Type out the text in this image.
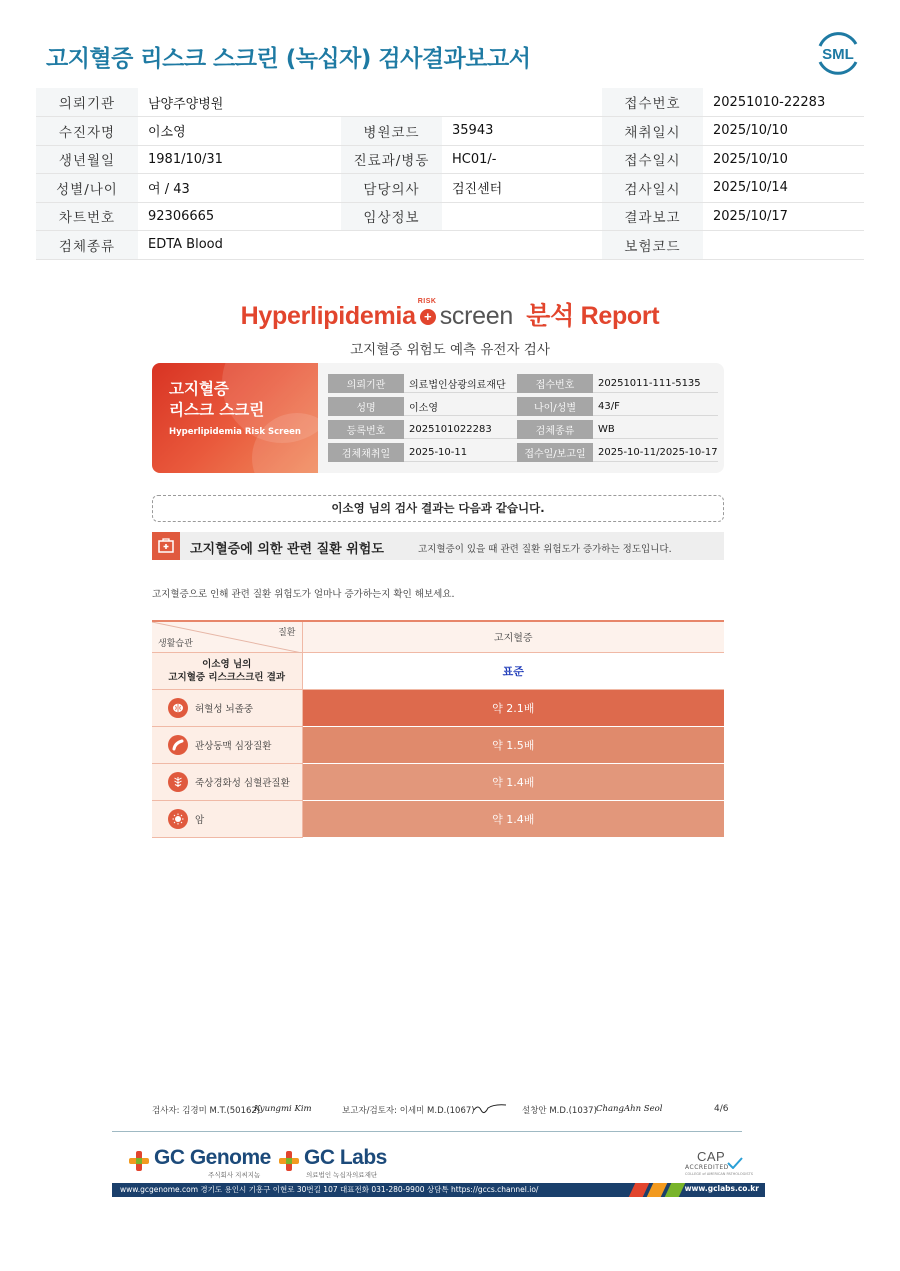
고지혈증 리스크 스크린 (녹십자) 검사결과보고서	SML
의뢰기관	남양주양병원			접수번호	20251010-22283
수진자명	이소영	병원코드	35943	채취일시	2025/10/10
생년월일	1981/10/31	진료과/병동	HC01/-	접수일시	2025/10/10
성별/나이	여 / 43	담당의사	검진센터	검사일시	2025/10/14
차트번호	92306665	임상정보		결과보고	2025/10/17
검체종류	EDTA Blood			보험코드	
Hyperlipidemia
RISK
+ screen 분석 Report
고지혈증 위험도 예측 유전자 검사
고지혈증
리스크 스크린
Hyperlipidemia Risk Screen
의뢰기관	의료법인삼광의료재단	접수번호	20251011-111-5135
성명	이소영	나이/성별	43/F
등록번호	2025101022283	검체종류	WB
검체채취일	2025-10-11	접수일/보고일	2025-10-11/2025-10-17
이소영 님의 검사 결과는 다음과 같습니다.
고지혈증에 의한 관련 질환 위험도	고지혈증이 있을 때 관련 질환 위험도가 증가하는 정도입니다.
고지혈증으로 인해 관련 질환 위험도가 얼마나 증가하는지 확인 해보세요.
질환
생활습관	고지혈증

이소영 님의
고지혈증 리스크스크린 결과	표준

허혈성 뇌졸중	약 2.1배

관상동맥 심장질환	약 1.5배

죽상경화성 심혈관질환	약 1.4배

암	약 1.4배
검사자: 김경미 M.T.(50162)
Kyungmi Kim	보고자/검토자: 이세미 M.D.(1067)	설창안 M.D.(1037) ChangAhn Seol	4/6
GC Genome
주식회사 지씨지놈
GC Labs
의료법인 녹십자의료재단
CAP
ACCREDITED
COLLEGE of AMERICAN PATHOLOGISTS
www.gcgenome.com 경기도 용인시 기흥구 이현로 30번길 107 대표전화 031-280-9900 상담톡 https://gccs.channel.io/	www.gclabs.co.kr
